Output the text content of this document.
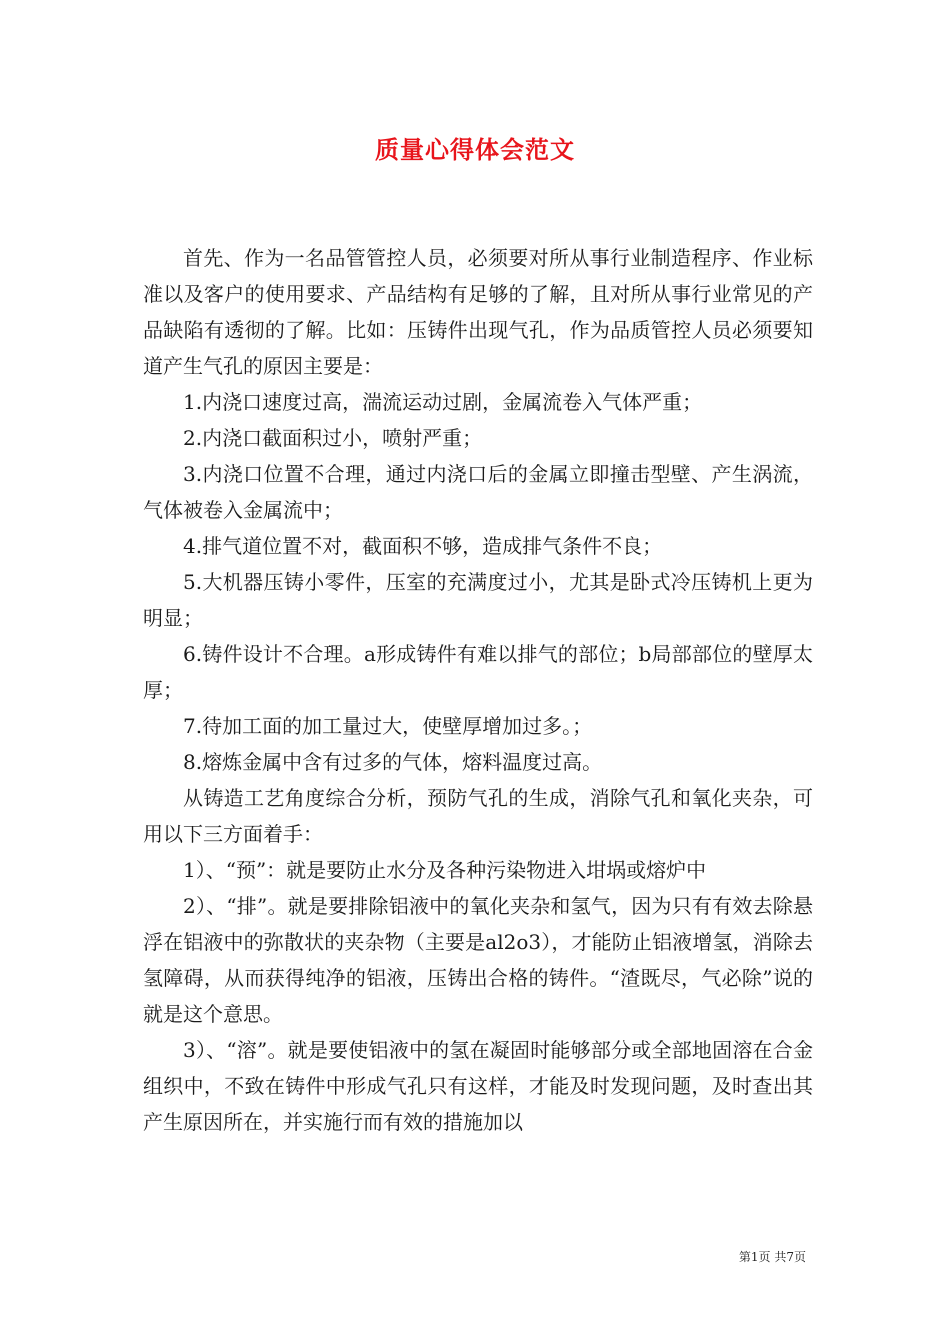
质量心得体会范文

首先、作为一名品管管控人员，必须要对所从事行业制造程序、作业标准以及客户的使用要求、产品结构有足够的了解，且对所从事行业常见的产品缺陷有透彻的了解。比如：压铸件出现气孔，作为品质管控人员必须要知道产生气孔的原因主要是：

1.内浇口速度过高，湍流运动过剧，金属流卷入气体严重；

2.内浇口截面积过小，喷射严重；

3.内浇口位置不合理，通过内浇口后的金属立即撞击型壁、产生涡流，气体被卷入金属流中；

4.排气道位置不对，截面积不够，造成排气条件不良；

5.大机器压铸小零件，压室的充满度过小，尤其是卧式冷压铸机上更为明显；

6.铸件设计不合理。a形成铸件有难以排气的部位；b局部部位的壁厚太厚；

7.待加工面的加工量过大，使壁厚增加过多。；

8.熔炼金属中含有过多的气体，熔料温度过高。

从铸造工艺角度综合分析，预防气孔的生成，消除气孔和氧化夹杂，可用以下三方面着手：

1）、“预”：就是要防止水分及各种污染物进入坩埚或熔炉中

2）、“排”。就是要排除铝液中的氧化夹杂和氢气，因为只有有效去除悬浮在铝液中的弥散状的夹杂物（主要是al2o3），才能防止铝液增氢，消除去氢障碍，从而获得纯净的铝液，压铸出合格的铸件。“渣既尽，气必除”说的就是这个意思。

3）、“溶”。就是要使铝液中的氢在凝固时能够部分或全部地固溶在合金组织中，不致在铸件中形成气孔只有这样，才能及时发现问题，及时查出其产生原因所在，并实施行而有效的措施加以

第1页 共7页
